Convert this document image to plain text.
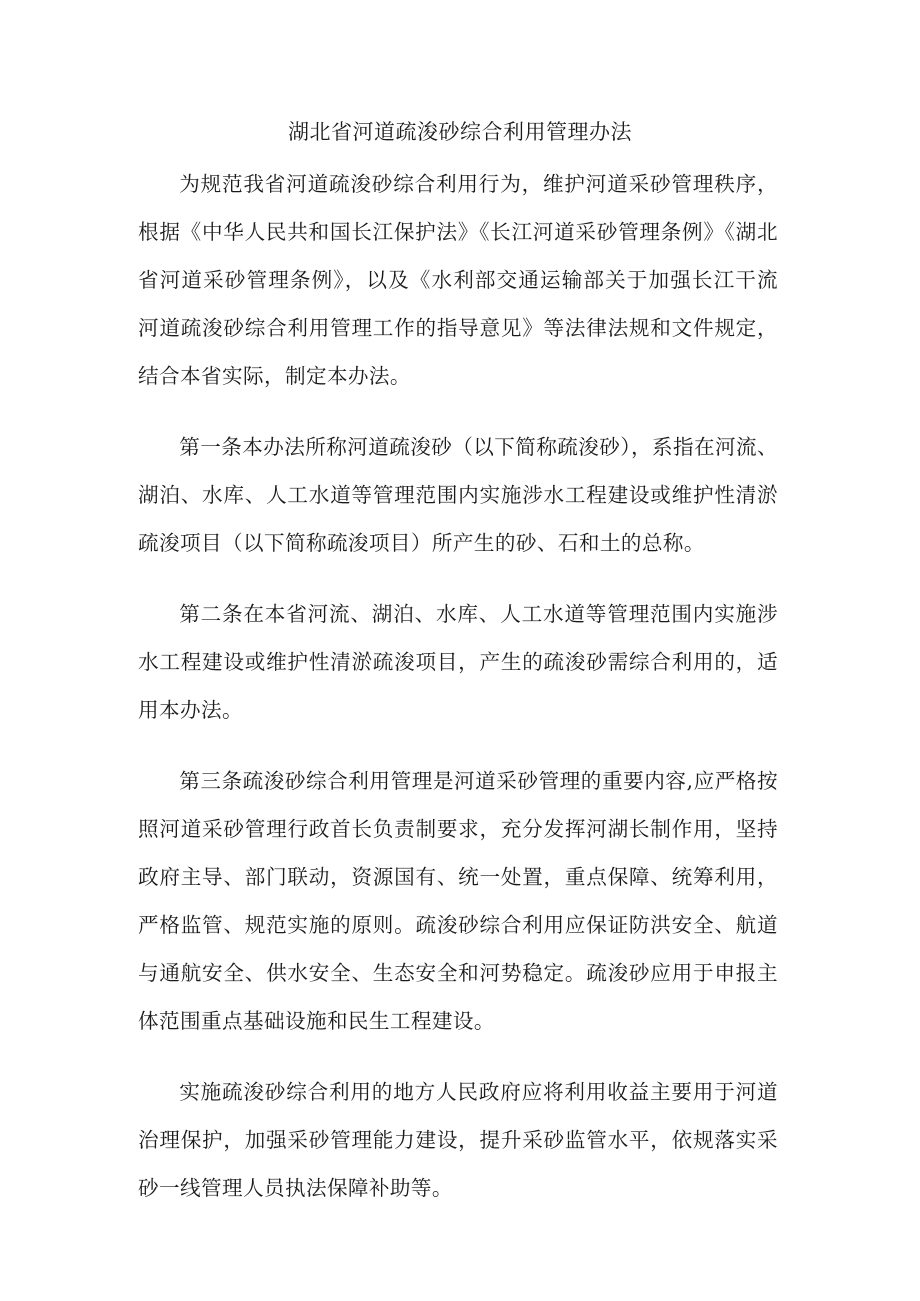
湖北省河道疏浚砂综合利用管理办法

为规范我省河道疏浚砂综合利用行为，维护河道采砂管理秩序，根据《中华人民共和国长江保护法》《长江河道采砂管理条例》《湖北省河道采砂管理条例》，以及《水利部交通运输部关于加强长江干流河道疏浚砂综合利用管理工作的指导意见》等法律法规和文件规定，结合本省实际，制定本办法。

第一条本办法所称河道疏浚砂（以下简称疏浚砂），系指在河流、湖泊、水库、人工水道等管理范围内实施涉水工程建设或维护性清淤疏浚项目（以下简称疏浚项目）所产生的砂、石和土的总称。

第二条在本省河流、湖泊、水库、人工水道等管理范围内实施涉水工程建设或维护性清淤疏浚项目，产生的疏浚砂需综合利用的，适用本办法。

第三条疏浚砂综合利用管理是河道采砂管理的重要内容,应严格按照河道采砂管理行政首长负责制要求，充分发挥河湖长制作用，坚持政府主导、部门联动，资源国有、统一处置，重点保障、统筹利用，严格监管、规范实施的原则。疏浚砂综合利用应保证防洪安全、航道与通航安全、供水安全、生态安全和河势稳定。疏浚砂应用于申报主体范围重点基础设施和民生工程建设。

实施疏浚砂综合利用的地方人民政府应将利用收益主要用于河道治理保护，加强采砂管理能力建设，提升采砂监管水平，依规落实采砂一线管理人员执法保障补助等。
